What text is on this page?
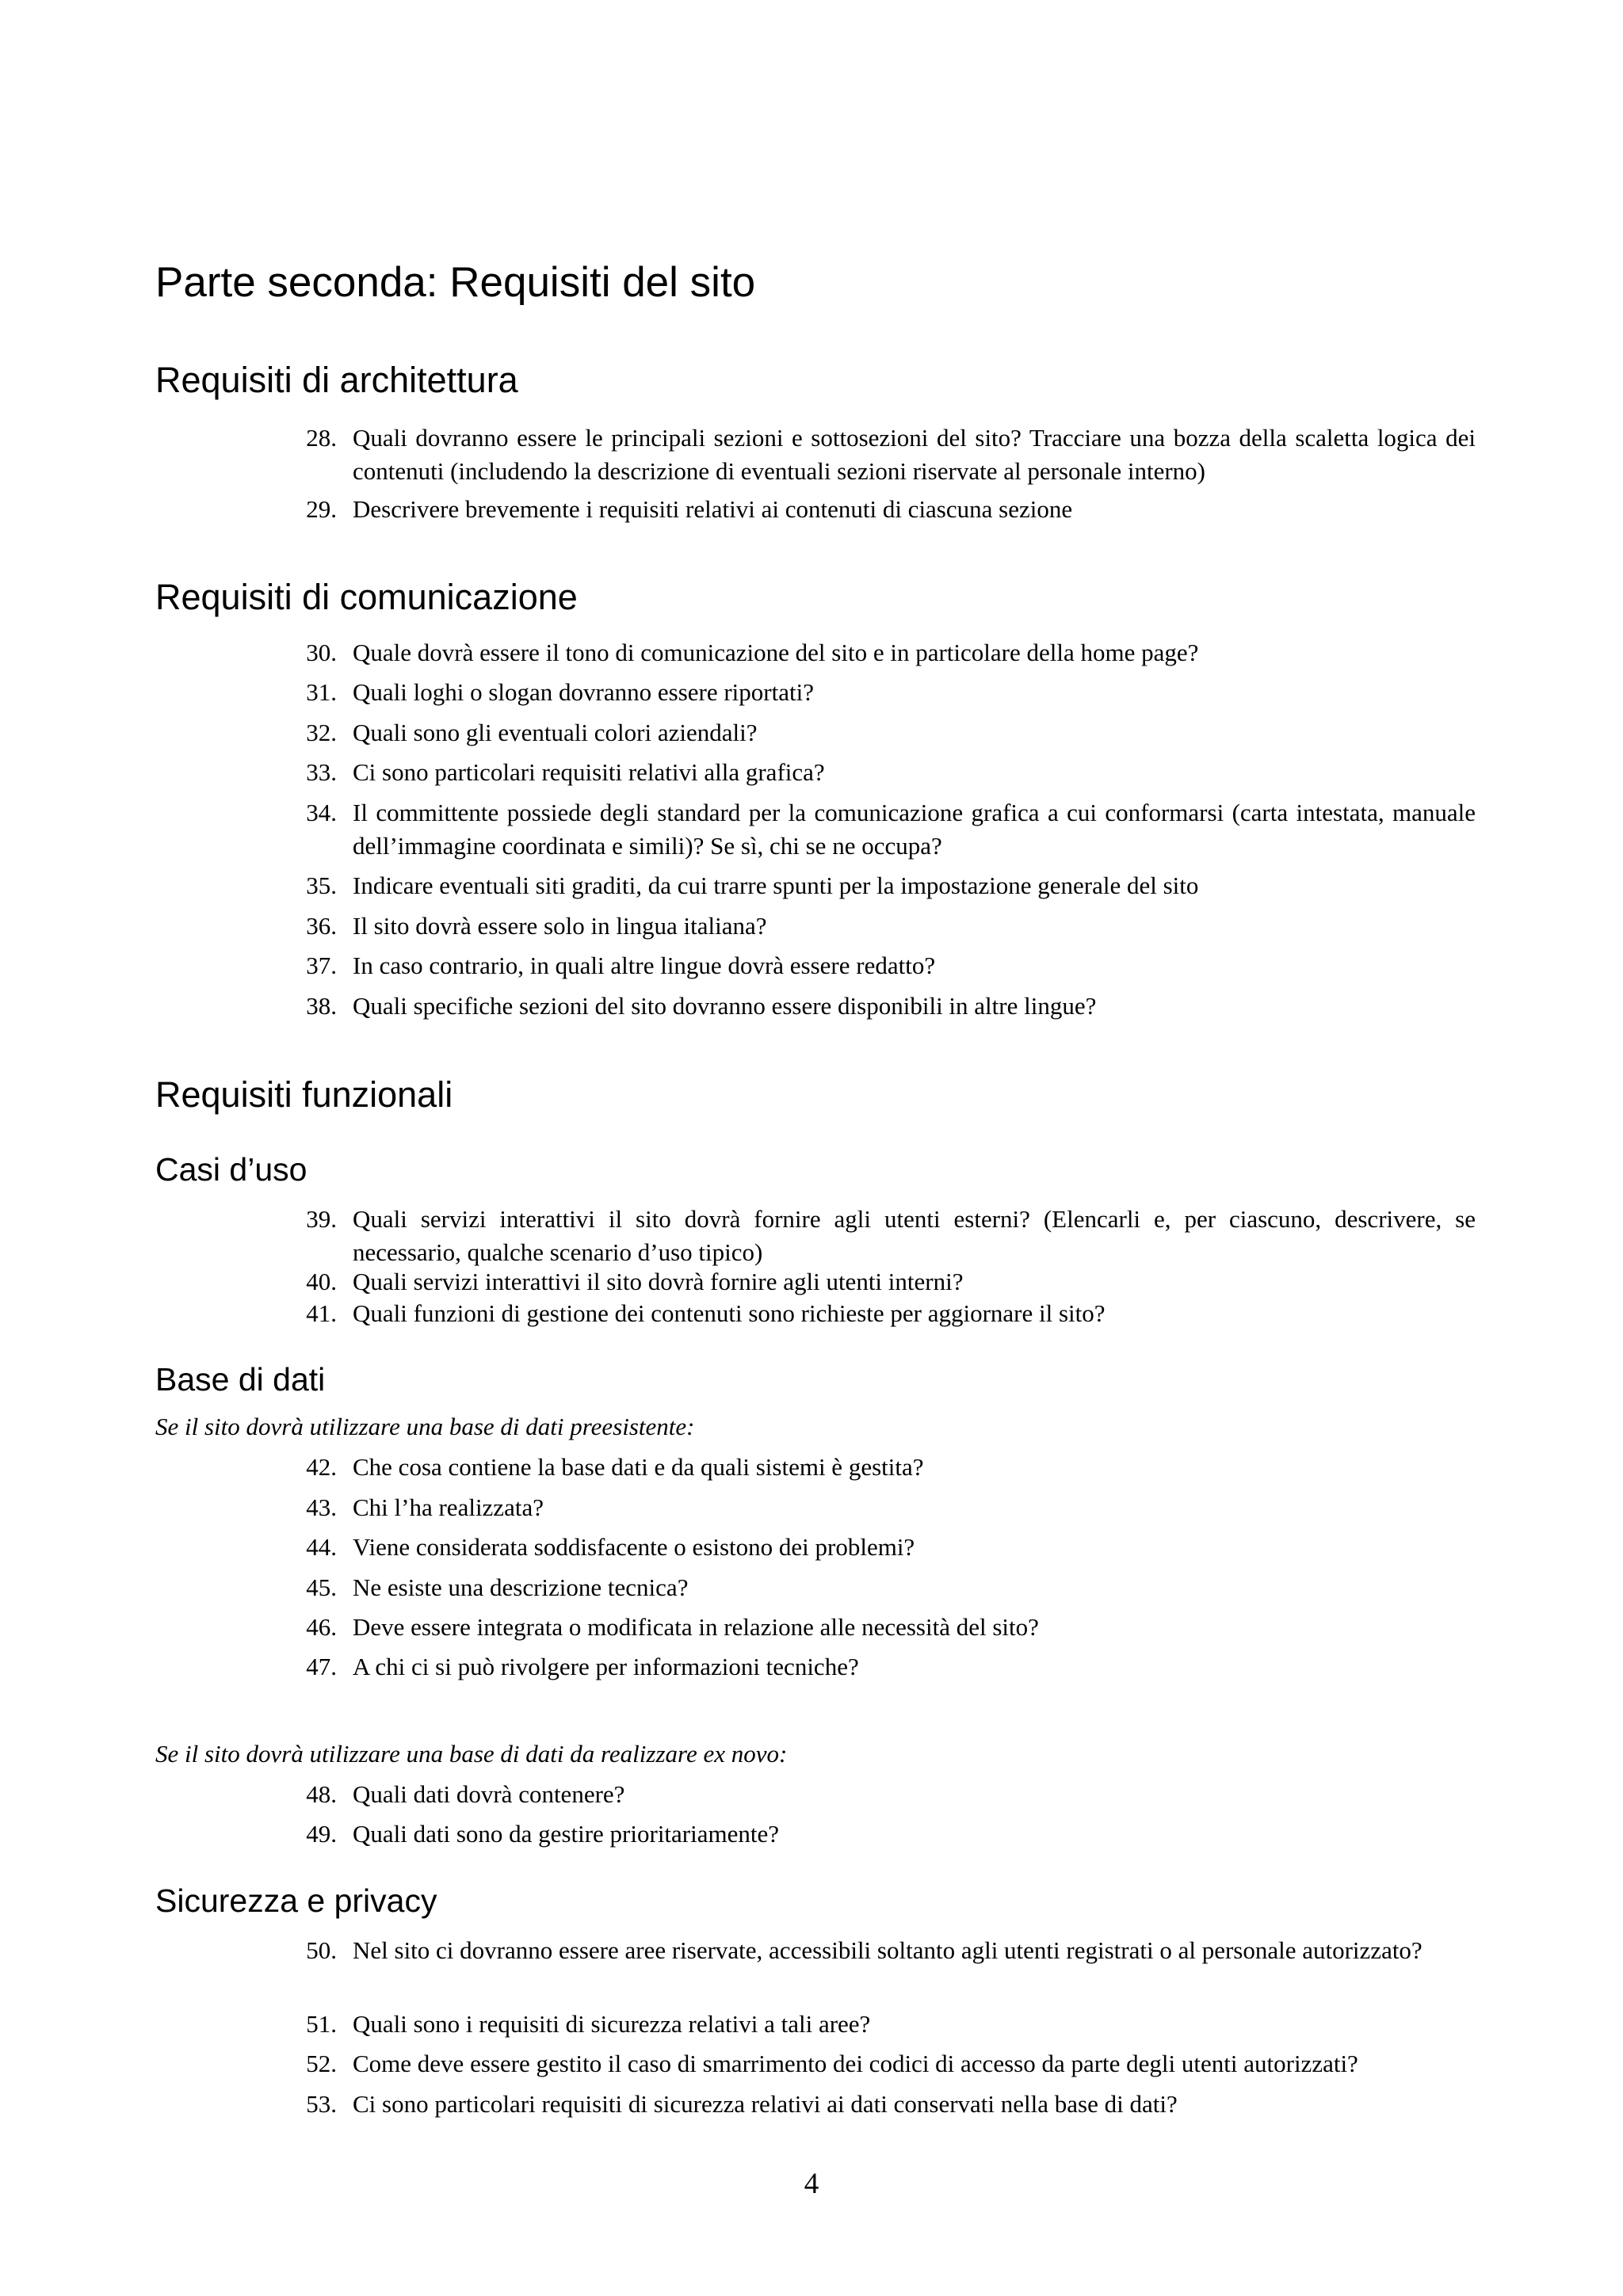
Parte seconda: Requisiti del sito
Requisiti di architettura
28. Quali dovranno essere le principali sezioni e sottosezioni del sito? Tracciare una bozza della scaletta logica dei contenuti (includendo la descrizione di eventuali sezioni riservate al personale interno)
29. Descrivere brevemente i requisiti relativi ai contenuti di ciascuna sezione
Requisiti di comunicazione
30. Quale dovrà essere il tono di comunicazione del sito e in particolare della home page?
31. Quali loghi o slogan dovranno essere riportati?
32. Quali sono gli eventuali colori aziendali?
33. Ci sono particolari requisiti relativi alla grafica?
34. Il committente possiede degli standard per la comunicazione grafica a cui conformarsi (carta intestata, manuale dell’immagine coordinata e simili)? Se sì, chi se ne occupa?
35. Indicare eventuali siti graditi, da cui trarre spunti per la impostazione generale del sito
36. Il sito dovrà essere solo in lingua italiana?
37. In caso contrario, in quali altre lingue dovrà essere redatto?
38. Quali specifiche sezioni del sito dovranno essere disponibili in altre lingue?
Requisiti funzionali
Casi d’uso
39. Quali servizi interattivi il sito dovrà fornire agli utenti esterni? (Elencarli e, per ciascuno, descrivere, se necessario, qualche scenario d’uso tipico)
40. Quali servizi interattivi il sito dovrà fornire agli utenti interni?
41. Quali funzioni di gestione dei contenuti sono richieste per aggiornare il sito?
Base di dati

Se il sito dovrà utilizzare una base di dati preesistente:

42. Che cosa contiene la base dati e da quali sistemi è gestita?
43. Chi l’ha realizzata?
44. Viene considerata soddisfacente o esistono dei problemi?
45. Ne esiste una descrizione tecnica?
46. Deve essere integrata o modificata in relazione alle necessità del sito?
47. A chi ci si può rivolgere per informazioni tecniche?

Se il sito dovrà utilizzare una base di dati da realizzare ex novo:

48. Quali dati dovrà contenere?
49. Quali dati sono da gestire prioritariamente?
Sicurezza e privacy
50. Nel sito ci dovranno essere aree riservate, accessibili soltanto agli utenti registrati o al personale autorizzato?
51. Quali sono i requisiti di sicurezza relativi a tali aree?
52. Come deve essere gestito il caso di smarrimento dei codici di accesso da parte degli utenti autorizzati?
53. Ci sono particolari requisiti di sicurezza relativi ai dati conservati nella base di dati?

4
